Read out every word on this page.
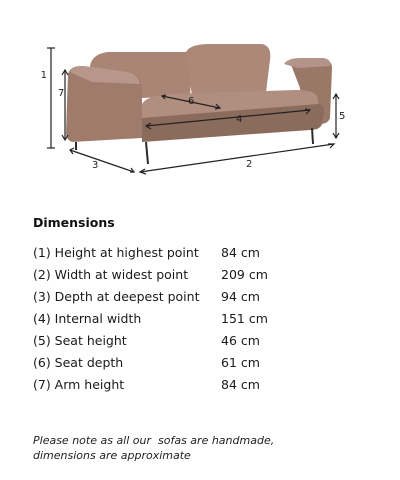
1
7
3	2
4
6
5
Dimensions
(1) Height at highest point 84 cm
(2) Width at widest point	209 cm
(3) Depth at deepest point 94 cm
(4) Internal width	151 cm
(5) Seat height	46 cm
(6) Seat depth	61 cm
(7) Arm height	84 cm
Please note as all our  sofas are handmade,
dimensions are approximate
